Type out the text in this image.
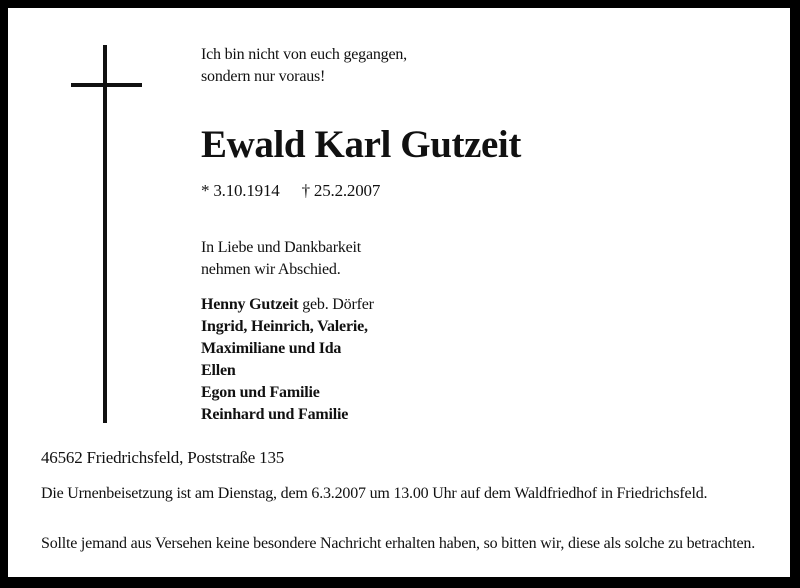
Ich bin nicht von euch gegangen,
sondern nur voraus!
Ewald Karl Gutzeit
* 3.10.1914 † 25.2.2007
In Liebe und Dankbarkeit
nehmen wir Abschied.
Henny Gutzeit geb. Dörfer
Ingrid, Heinrich, Valerie,
Maximiliane und Ida
Ellen
Egon und Familie
Reinhard und Familie
46562 Friedrichsfeld, Poststraße 135
Die Urnenbeisetzung ist am Dienstag, dem 6.3.2007 um 13.00 Uhr auf dem Waldfriedhof in Friedrichsfeld.
Sollte jemand aus Versehen keine besondere Nachricht erhalten haben, so bitten wir, diese als solche zu betrachten.
